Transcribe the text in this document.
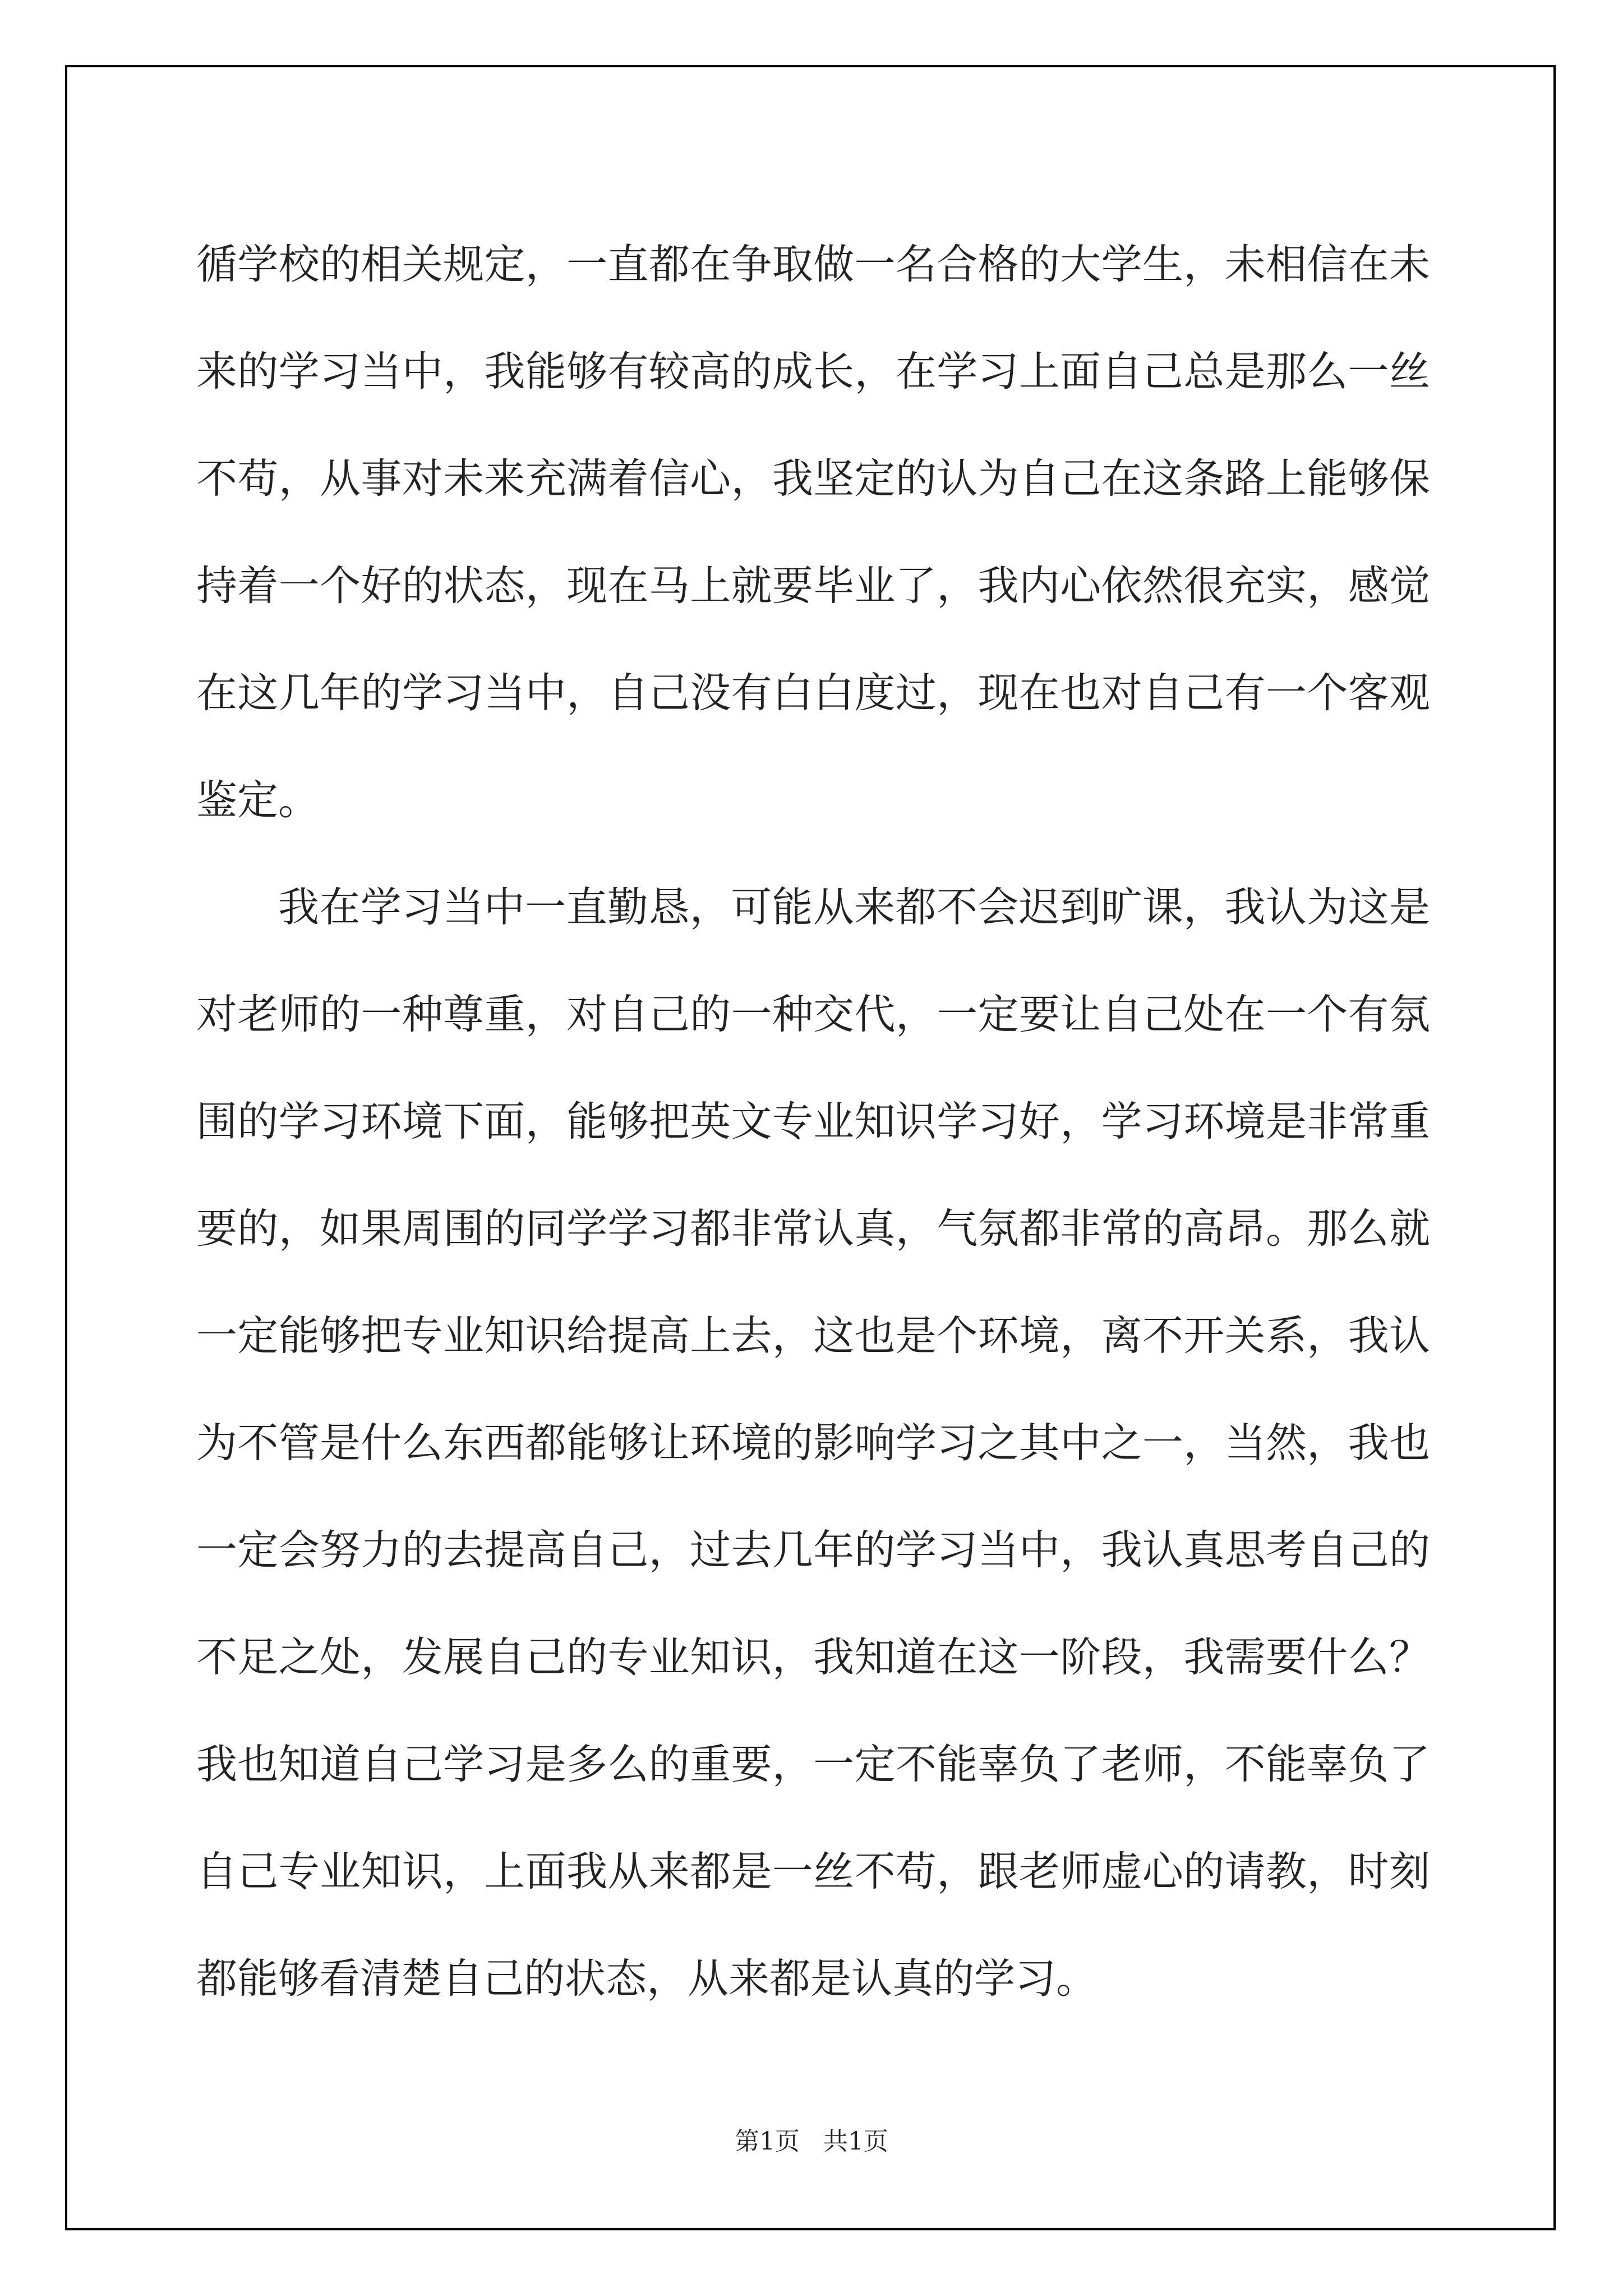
循学校的相关规定，一直都在争取做一名合格的大学生，未相信在未
来的学习当中，我能够有较高的成长，在学习上面自己总是那么一丝
不苟，从事对未来充满着信心，我坚定的认为自己在这条路上能够保
持着一个好的状态，现在马上就要毕业了，我内心依然很充实，感觉
在这几年的学习当中，自己没有白白度过，现在也对自己有一个客观
鉴定。
我在学习当中一直勤恳，可能从来都不会迟到旷课，我认为这是
对老师的一种尊重，对自己的一种交代，一定要让自己处在一个有氛
围的学习环境下面，能够把英文专业知识学习好，学习环境是非常重
要的，如果周围的同学学习都非常认真，气氛都非常的高昂。那么就
一定能够把专业知识给提高上去，这也是个环境，离不开关系，我认
为不管是什么东西都能够让环境的影响学习之其中之一，当然，我也
一定会努力的去提高自己，过去几年的学习当中，我认真思考自己的
不足之处，发展自己的专业知识，我知道在这一阶段，我需要什么？
我也知道自己学习是多么的重要，一定不能辜负了老师，不能辜负了
自己专业知识，上面我从来都是一丝不苟，跟老师虚心的请教，时刻
都能够看清楚自己的状态，从来都是认真的学习。
第1页   共1页
